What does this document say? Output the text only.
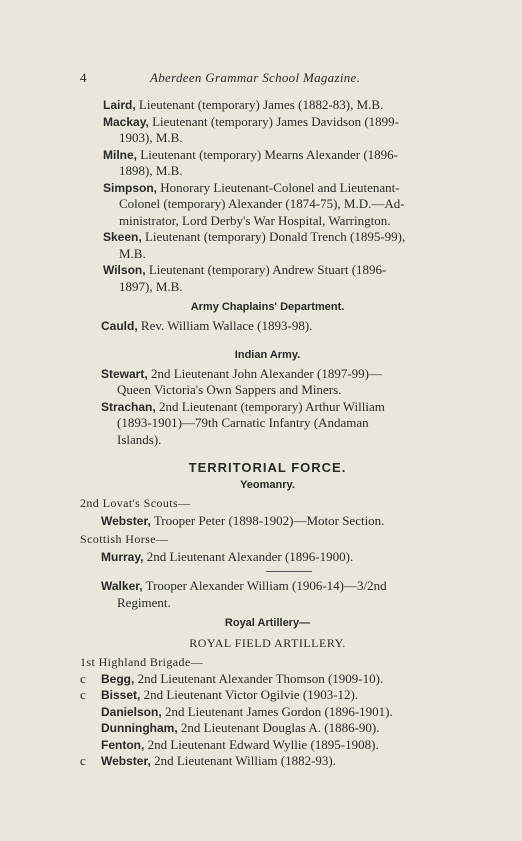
4	Aberdeen Grammar School Magazine.
Laird, Lieutenant (temporary) James (1882-83), M.B.
Mackay, Lieutenant (temporary) James Davidson (1899-
1903), M.B.
Milne, Lieutenant (temporary) Mearns Alexander (1896-
1898), M.B.
Simpson, Honorary Lieutenant-Colonel and Lieutenant-
Colonel (temporary) Alexander (1874-75), M.D.—Ad-
ministrator, Lord Derby's War Hospital, Warrington.
Skeen, Lieutenant (temporary) Donald Trench (1895-99),
M.B.
Wilson, Lieutenant (temporary) Andrew Stuart (1896-
1897), M.B.
Army Chaplains' Department.
Cauld, Rev. William Wallace (1893-98).
Indian Army.
Stewart, 2nd Lieutenant John Alexander (1897-99)—
Queen Victoria's Own Sappers and Miners.
Strachan, 2nd Lieutenant (temporary) Arthur William
(1893-1901)—79th Carnatic Infantry (Andaman
Islands).
TERRITORIAL FORCE.
Yeomanry.
2nd Lovat's Scouts—
Webster, Trooper Peter (1898-1902)—Motor Section.
Scottish Horse—
Murray, 2nd Lieutenant Alexander (1896-1900).
Walker, Trooper Alexander William (1906-14)—3/2nd
Regiment.
Royal Artillery—
ROYAL FIELD ARTILLERY.
1st Highland Brigade—
c	Begg, 2nd Lieutenant Alexander Thomson (1909-10).
c	Bisset, 2nd Lieutenant Victor Ogilvie (1903-12).
Danielson, 2nd Lieutenant James Gordon (1896-1901).
Dunningham, 2nd Lieutenant Douglas A. (1886-90).
Fenton, 2nd Lieutenant Edward Wyllie (1895-1908).
c	Webster, 2nd Lieutenant William (1882-93).
